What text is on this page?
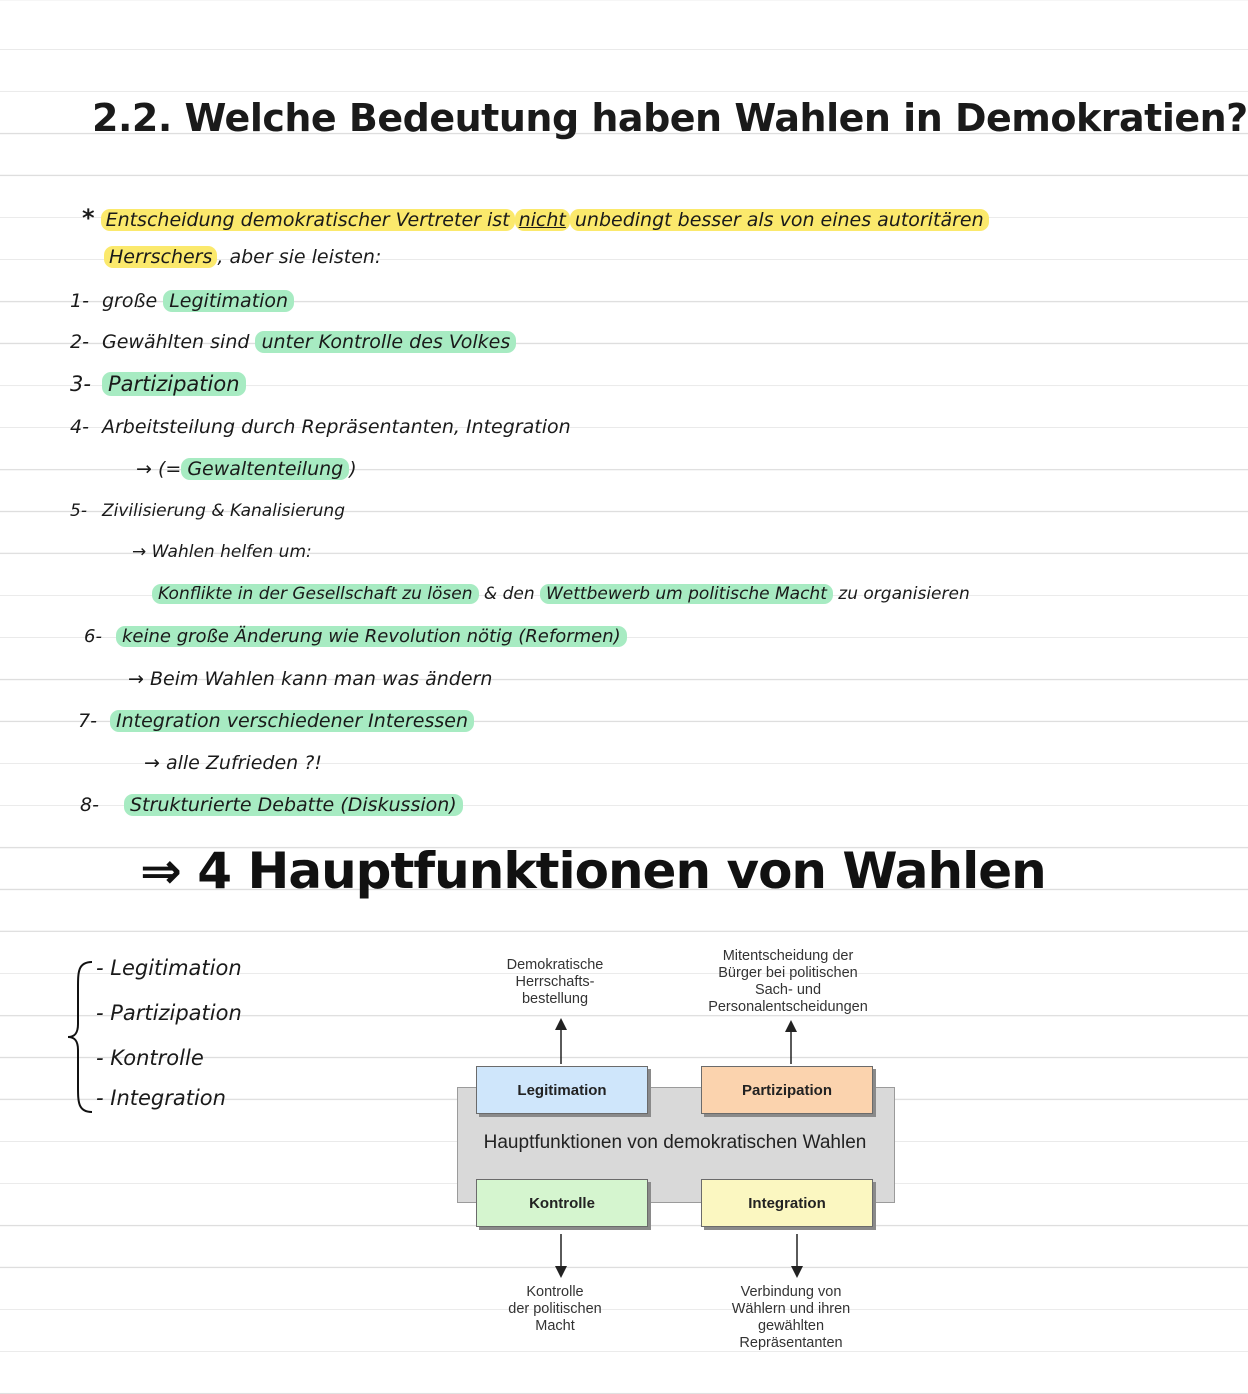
2.2. Welche Bedeutung haben Wahlen in Demokratien?
* Entscheidung demokratischer Vertreter ist nicht unbedingt besser als von eines autoritären
Herrschers , aber sie leisten:
1- große Legitimation
2- Gewählten sind unter Kontrolle des Volkes
3- Partizipation
4- Arbeitsteilung durch Repräsentanten, Integration
→ (= Gewaltenteilung )
5- Zivilisierung & Kanalisierung
→ Wahlen helfen um:
Konflikte in der Gesellschaft zu lösen & den Wettbewerb um politische Macht zu organisieren
6- keine große Änderung wie Revolution nötig (Reformen)
→ Beim Wahlen kann man was ändern
7- Integration verschiedener Interessen
→ alle Zufrieden ?!
8- Strukturierte Debatte (Diskussion)
⇒ 4 Hauptfunktionen von Wahlen
- Legitimation
- Partizipation
- Kontrolle
- Integration
Hauptfunktionen von demokratischen Wahlen
Legitimation	Partizipation
Kontrolle	Integration
Demokratische
Herrschafts-
bestellung
Mitentscheidung der
Bürger bei politischen
Sach- und
Personalentscheidungen
Kontrolle
der politischen
Macht
Verbindung von
Wählern und ihren
gewählten
Repräsentanten
